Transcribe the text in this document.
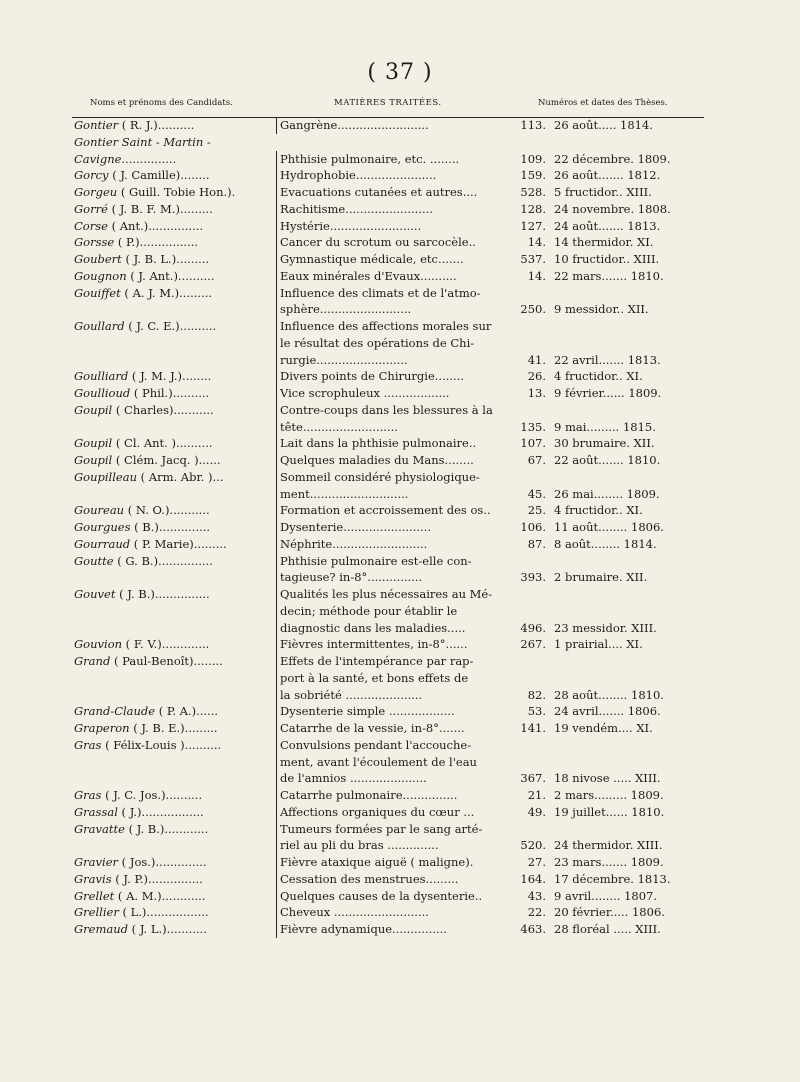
( 37 )
Noms et prénoms des Candidats.	MATIÈRES TRAITÉES.	Numéros et dates des Thèses.
Gontier ( R. J.)..........	Gangrène.........................	113. 26 août..... 1814.
Gontier Saint - Martin -
Cavigne...............	Phthisie pulmonaire, etc. ........	109. 22 décembre. 1809.
Gorcy ( J. Camille)........	Hydrophobie......................	159. 26 août....... 1812.
Gorgeu ( Guill. Tobie Hon.).	Evacuations cutanées et autres....	528. 5 fructidor.. XIII.
Gorré ( J. B. F. M.).........	Rachitisme........................	128. 24 novembre. 1808.
Corse ( Ant.)...............	Hystérie.........................	127. 24 août....... 1813.
Gorsse ( P.)................	Cancer du scrotum ou sarcocèle..	14. 14 thermidor. XI.
Goubert ( J. B. L.).........	Gymnastique médicale, etc.......	537. 10 fructidor.. XIII.
Gougnon ( J. Ant.)..........	Eaux minérales d'Evaux..........	14. 22 mars....... 1810.
Gouiffet ( A. J. M.).........	Influence des climats et de l'atmo-
sphère.........................	250. 9 messidor.. XII.
Goullard ( J. C. E.)..........	Influence des affections morales sur
le résultat des opérations de Chi-
rurgie.........................	41. 22 avril....... 1813.
Goulliard ( J. M. J.)........	Divers points de Chirurgie........	26. 4 fructidor.. XI.
Goullioud ( Phil.)..........	Vice scrophuleux ..................	13. 9 février...... 1809.
Goupil ( Charles)...........	Contre-coups dans les blessures à la
tête..........................	135. 9 mai......... 1815.
Goupil ( Cl. Ant. )..........	Lait dans la phthisie pulmonaire..	107. 30 brumaire. XII.
Goupil ( Clém. Jacq. )......	Quelques maladies du Mans........	67. 22 août....... 1810.
Goupilleau ( Arm. Abr. )...	Sommeil considéré physiologique-
ment...........................	45. 26 mai........ 1809.
Goureau ( N. O.)...........	Formation et accroissement des os..	25. 4 fructidor.. XI.
Gourgues ( B.)..............	Dysenterie........................	106. 11 août........ 1806.
Gourraud ( P. Marie).........	Néphrite..........................	87. 8 août........ 1814.
Goutte ( G. B.)...............	Phthisie pulmonaire est-elle con-
tagieuse? in-8°...............	393. 2 brumaire. XII.
Gouvet ( J. B.)...............	Qualités les plus nécessaires au Mé-
decin; méthode pour établir le
diagnostic dans les maladies.....	496. 23 messidor. XIII.
Gouvion ( F. V.).............	Fièvres intermittentes, in-8°......	267. 1 prairial.... XI.
Grand ( Paul-Benoît)........	Effets de l'intempérance par rap-
port à la santé, et bons effets de
la sobriété .....................	82. 28 août........ 1810.
Grand-Claude ( P. A.)......	Dysenterie simple ..................	53. 24 avril....... 1806.
Graperon ( J. B. E.).........	Catarrhe de la vessie, in-8°.......	141. 19 vendém.... XI.
Gras ( Félix-Louis )..........	Convulsions pendant l'accouche-
ment, avant l'écoulement de l'eau
de l'amnios .....................	367. 18 nivose ..... XIII.
Gras ( J. C. Jos.)..........	Catarrhe pulmonaire...............	21. 2 mars......... 1809.
Grassal ( J.).................	Affections organiques du cœur ...	49. 19 juillet...... 1810.
Gravatte ( J. B.)............	Tumeurs formées par le sang arté-
riel au pli du bras ..............	520. 24 thermidor. XIII.
Gravier ( Jos.)..............	Fièvre ataxique aiguë ( maligne).	27. 23 mars....... 1809.
Gravis ( J. P.)...............	Cessation des menstrues.........	164. 17 décembre. 1813.
Grellet ( A. M.)............	Quelques causes de la dysenterie..	43. 9 avril........ 1807.
Grellier ( L.).................	Cheveux ..........................	22. 20 février..... 1806.
Gremaud ( J. L.)...........	Fièvre adynamique...............	463. 28 floréal ..... XIII.
